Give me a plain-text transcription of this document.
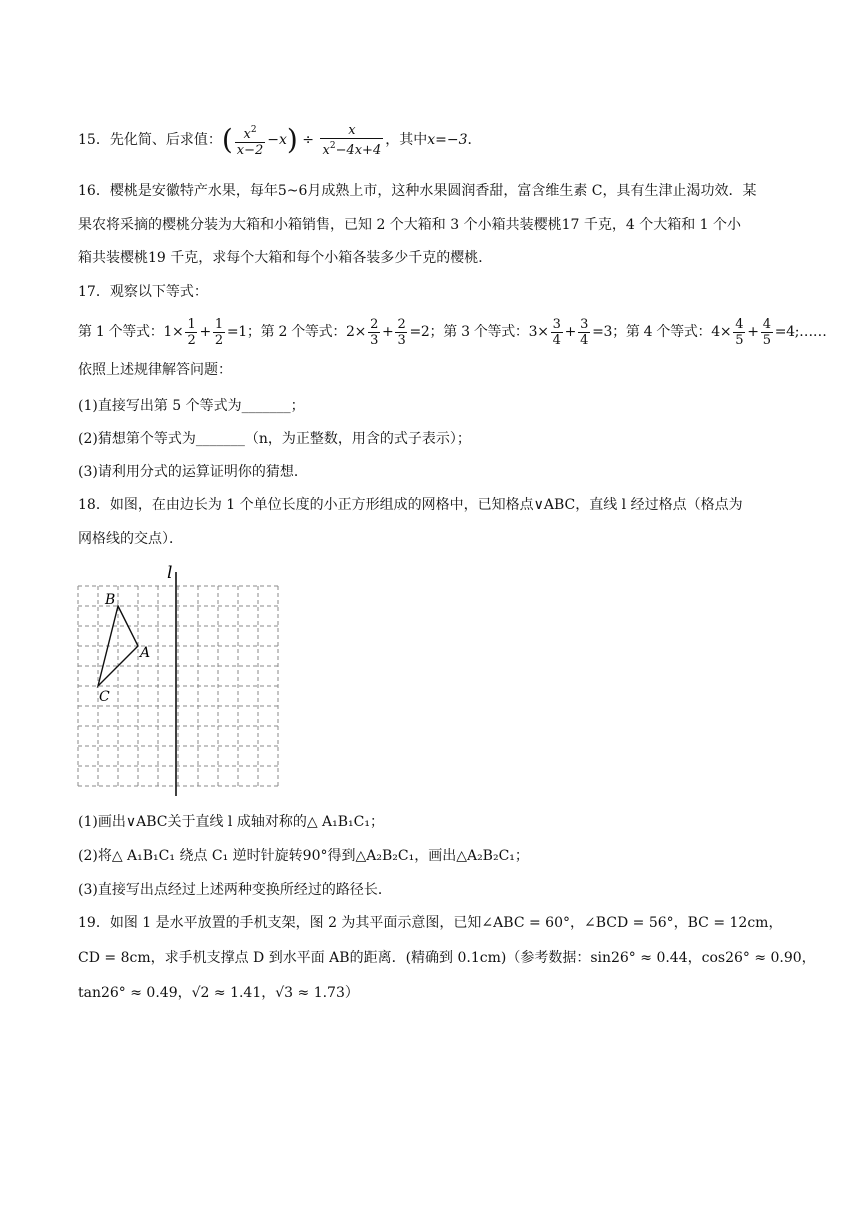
15．先化简、后求值：( $\frac{x^2}{x-2} -x) \div \frac{x}{x^2-4x+4}$ ，其中x=−3．
16．樱桃是安徽特产水果，每年5~6月成熟上市，这种水果圆润香甜，富含维生素 C，具有生津止渴功效．某
果农将采摘的樱桃分装为大箱和小箱销售，已知 2 个大箱和 3 个小箱共装樱桃17 千克，4 个大箱和 1 个小
箱共装樱桃19 千克，求每个大箱和每个小箱各装多少千克的樱桃．
17．观察以下等式：
第 1 个等式：$1\times \frac{1}{2} + \frac{1}{2} =1$；第 2 个等式：$2\times \frac{2}{3} + \frac{2}{3} =2$；第 3 个等式：$3\times \frac{3}{4} + \frac{3}{4} =3$；第 4 个等式：$4\times \frac{4}{5} + \frac{4}{5}$ =4;……
依照上述规律解答问题：
(1)直接写出第 5 个等式为_______；
(2)猜想第个等式为_______（n，为正整数，用含的式子表示）；
(3)请利用分式的运算证明你的猜想．
18．如图，在由边长为 1 个单位长度的小正方形组成的网格中，已知格点∨ABC，直线 l 经过格点（格点为
网格线的交点）．
l
B
A
C
(1)画出∨ABC关于直线 l 成轴对称的△ A₁B₁C₁；
(2)将△ A₁B₁C₁ 绕点 C₁ 逆时针旋转90°得到△A₂B₂C₁，画出△A₂B₂C₁；
(3)直接写出点经过上述两种变换所经过的路径长．
19．如图 1 是水平放置的手机支架，图 2 为其平面示意图，已知∠ABC = 60°，∠BCD = 56°，BC = 12cm，
CD = 8cm，求手机支撑点 D 到水平面 AB的距离．(精确到 0.1cm)（参考数据：sin26° ≈ 0.44，cos26° ≈ 0.90，
tan26° ≈ 0.49，√2 ≈ 1.41，√3 ≈ 1.73）
